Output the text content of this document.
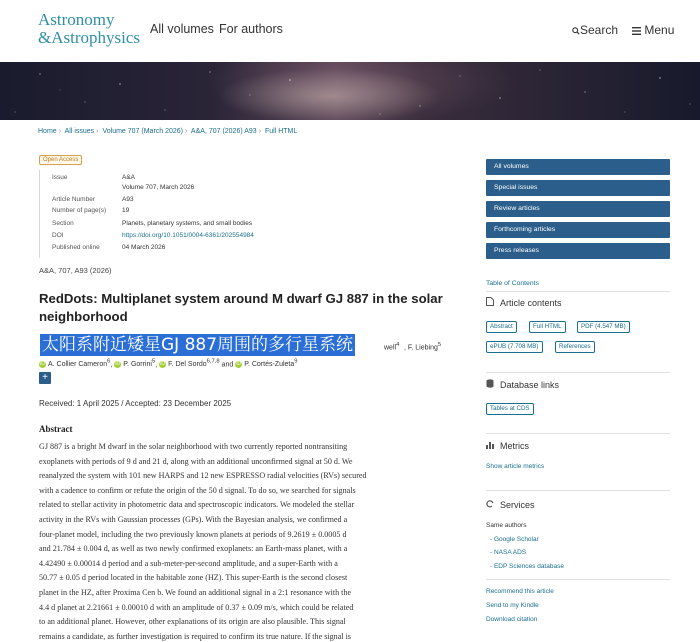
Astronomy
&Astrophysics All volumes For authors	Search	Menu
Home › All issues › Volume 707 (March 2026) › A&A, 707 (2026) A93 › Full HTML
Open Access
Issue	A&A
Volume 707, March 2026
Article Number	A93
Number of page(s)	19
Section	Planets, planetary systems, and small bodies
DOI	https://doi.org/10.1051/0004-6361/202554984
Published online	04 March 2026
A&A, 707, A93 (2026)
RedDots: Multiplanet system around M dwarf GJ 887 in the solar neighborhood
well$^4$ , F. Liebing$^5$
太阳系附近矮星GJ 887周围的多行星系统
iD A. Collier Cameron$^6$, iD P. Gorrini$^5$, iD F. Del Sordo$^{6,7,8}$ and iD P. Cortés-Zuleta$^9$
+
Received: 1 April 2025 / Accepted: 23 December 2025
Abstract
GJ 887 is a bright M dwarf in the solar neighborhood with two currently reported nontransiting
exoplanets with periods of 9 d and 21 d, along with an additional unconfirmed signal at 50 d. We
reanalyzed the system with 101 new HARPS and 12 new ESPRESSO radial velocities (RVs) secured
with a cadence to confirm or refute the origin of the 50 d signal. To do so, we searched for signals
related to stellar activity in photometric data and spectroscopic indicators. We modeled the stellar
activity in the RVs with Gaussian processes (GPs). With the Bayesian analysis, we confirmed a
four-planet model, including the two previously known planets at periods of 9.2619 ± 0.0005 d
and 21.784 ± 0.004 d, as well as two newly confirmed exoplanets: an Earth-mass planet, with a
4.42490 ± 0.00014 d period and a sub-meter-per-second amplitude, and a super-Earth with a
50.77 ± 0.05 d period located in the habitable zone (HZ). This super-Earth is the second closest
planet in the HZ, after Proxima Cen b. We found an additional signal in a 2:1 resonance with the
4.4 d planet at 2.21661 ± 0.00010 d with an amplitude of 0.37 ± 0.09 m/s, which could be related
to an additional planet. However, other explanations of its origin are also plausible. This signal
remains a candidate, as further investigation is required to confirm its true nature. If the signal is
All volumes
Special issues
Review articles
Forthcoming articles
Press releases
Table of Contents
Article contents
Abstract	Full HTML	PDF (4.547 MB)
ePUB (7.708 MB)	References
Database links
Tables at CDS
Metrics
Show article metrics
Services
Same authors
- Google Scholar
- NASA ADS
- EDP Sciences database
Recommend this article
Send to my Kindle
Download citation
